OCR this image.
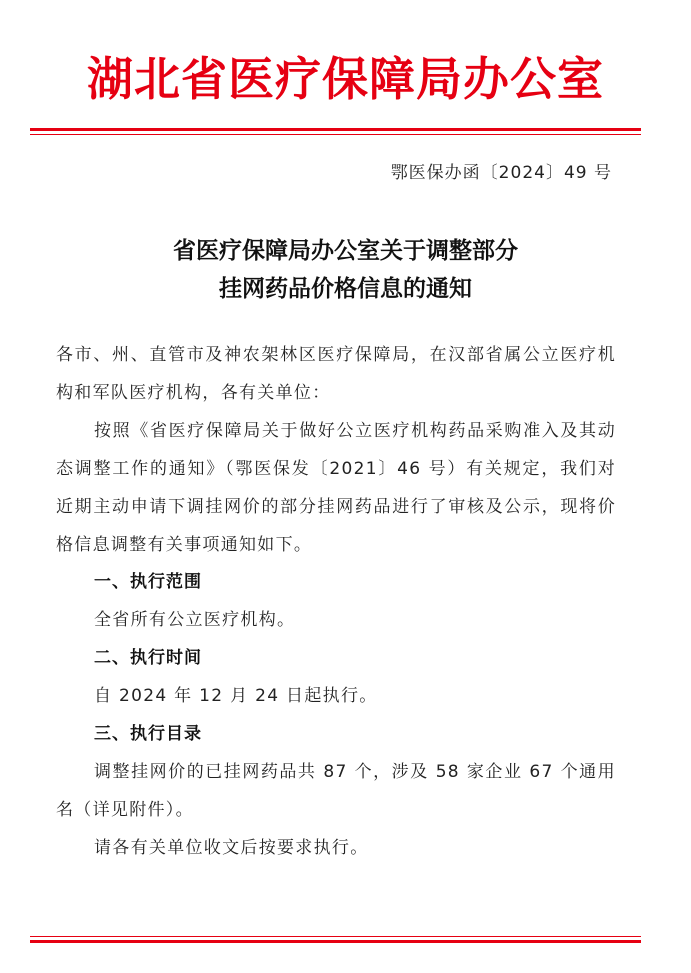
湖北省医疗保障局办公室
鄂医保办函〔2024〕49 号
省医疗保障局办公室关于调整部分
挂网药品价格信息的通知
各市、州、直管市及神农架林区医疗保障局，在汉部省属公立医疗机构和军队医疗机构，各有关单位：
按照《省医疗保障局关于做好公立医疗机构药品采购准入及其动态调整工作的通知》（鄂医保发〔2021〕46 号）有关规定，我们对近期主动申请下调挂网价的部分挂网药品进行了审核及公示，现将价格信息调整有关事项通知如下。
一、执行范围
全省所有公立医疗机构。
二、执行时间
自 2024 年 12 月 24 日起执行。
三、执行目录
调整挂网价的已挂网药品共 87 个，涉及 58 家企业 67 个通用名（详见附件）。
请各有关单位收文后按要求执行。
